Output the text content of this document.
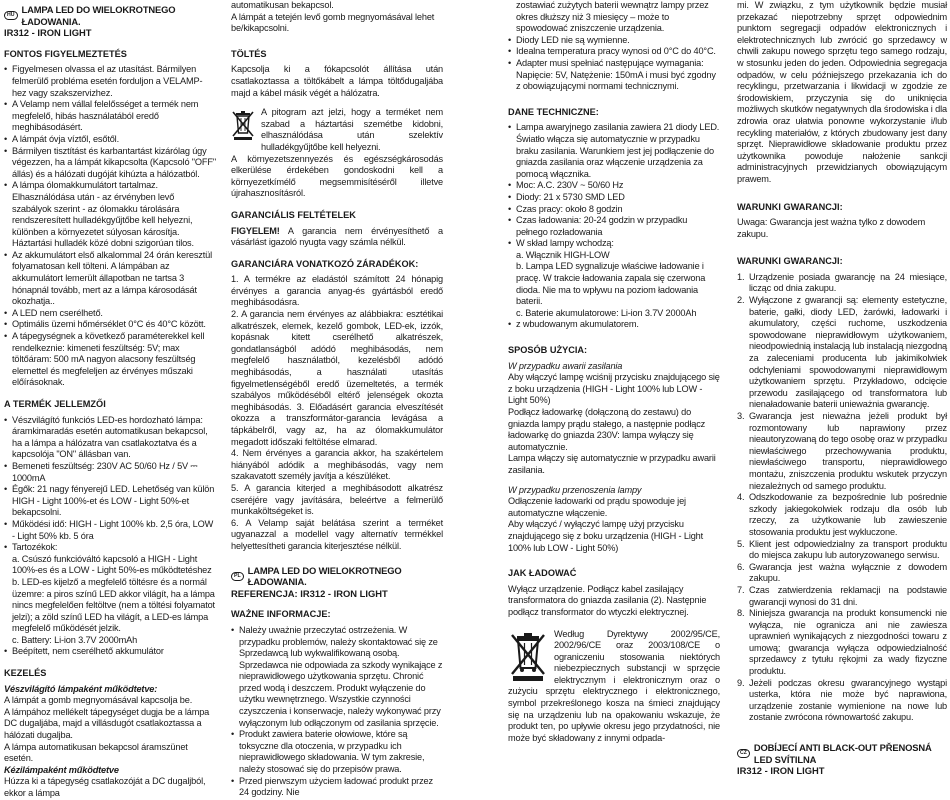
HU
LAMPA LED DO WIELOKROTNEGO ŁADOWANIA.

IR312 - IRON LIGHT

FONTOS FIGYELMEZTETÉS

• Figyelmesen olvassa el az utasítást. Bármilyen felmerülő probléma esetén forduljon a VELAMP-hez vagy szakszervizhez.
• A Velamp nem vállal felelősséget a termék nem megfelelő, hibás használatából eredő meghibásodásért.
• A lámpát óvja víztől, esőtől.
• Bármilyen tisztítást és karbantartást kizárólag úgy végezzen, ha a lámpát kikapcsolta (Kapcsoló "OFF" állás) és a hálózati dugóját kihúzta a hálózatból.
• A lámpa ólomakkumulátort tartalmaz. Elhasználódása után - az érvényben levő szabályok szerint - az ólomakku tárolására rendszeresített hulladékgyűjtőbe kell helyezni, különben a környezetet súlyosan károsítja. Háztartási hulladék közé dobni szigorúan tilos.
• Az akkumulátort első alkalommal 24 órán keresztül folyamatosan kell tölteni. A lámpában az akkumulátort lemerült állapotban ne tartsa 3 hónapnál tovább, mert az a lámpa károsodását okozhatja..
• A LED nem cserélhető.
• Optimális üzemi hőmérséklet 0°C és 40°C között.
• A tápegységnek a következő paraméterekkel kell rendelkeznie: kimeneti feszültség: 5V; max töltőáram: 500 mA nagyon alacsony feszültség elemettel és megfeleljen az érvényes műszaki előírásoknak.

A TERMÉK JELLEMZŐI

• Vészvilágító funkciós LED-es hordozható lámpa: áramkimaradás esetén automatikusan bekapcsol, ha a lámpa a hálózatra van csatlakoztatva és a kapcsolója "ON" állásban van.
• Bemeneti feszültség: 230V AC 50/60 Hz / 5V ⎓ 1000mA
• Égők: 21 nagy fényerejű LED. Lehetőség van külön HIGH - Light 100%-et és LOW - Light 50%-et bekapcsolni.
• Működési idő: HIGH - Light 100% kb. 2,5 óra, LOW - Light 50% kb. 5 óra
• Tartozékok:

a. Csúszó funkcióváltó kapcsoló a HIGH - Light 100%-es és a LOW - Light 50%-es működtetéshez

b. LED-es kijelző a megfelelő töltésre és a normál üzemre: a piros színű LED akkor világít, ha a lámpa nincs megfelelően feltöltve (nem a töltési folyamatot jelzi); a zöld színű LED ha világít, a LED-es lámpa megfelelő működését jelzik.

c. Battery: Li-ion 3.7V 2000mAh

• Beépített, nem cserélhető akkumulátor

KEZELÉS

Vészvilágító lámpaként működtetve:

A lámpát a gomb megnyomásával kapcsolja be.

A lámpához mellékelt tápegységet dugja be a lámpa DC dugaljába, majd a villásdugót csatlakoztassa a hálózati dugaljba.

A lámpa automatikusan bekapcsol áramszünet esetén.

Kézilámpaként működtetve

Húzza ki a tápegység csatlakozóját a DC dugaljból, ekkor a lámpa

automatikusan bekapcsol.

A lámpát a tetején levő gomb megnyomásával lehet be/kikapcsolni.

TÖLTÉS

Kapcsolja ki a fókapcsolót állítása után csatlakoztassa a töltőkábelt a lámpa töltődugaljába majd a kábel másik végét a hálózatra.

A pitogram azt jelzi, hogy a terméket nem szabad a háztartási szemétbe kidobni, elhasználódása után szelektív hulladékgyűjtőbe kell helyezni.

A környezetszennyezés és egészségkárosodás elkerülése érdekében gondoskodni kell a környezetkímélő megsemmisítéséről illetve újrahasznosításról.

GARANCIÁLIS FELTÉTELEK

FIGYELEM! A garancia nem érvényesíthető a vásárlást igazoló nyugta vagy számla nélkül.

GARANCIÁRA VONATKOZÓ ZÁRADÉKOK:

1. A termékre az eladástól számított 24 hónapig érvényes a garancia anyag-és gyártásból eredő meghibásodásra.

2. A garancia nem érvényes az alábbiakra: esztétikai alkatrészek, elemek, kezelő gombok, LED-ek, izzók, kopásnak kitett cserélhető alkatrészek, gondatlanságból adódó meghibásodás, nem megfelelő használatból, kezelésből adódó meghibásodás, a használati utasítás figyelmetlenségéből eredő üzemeltetés, a termék szabályos működéséből eltérő jelenségek okozta meghibásodás. 3. Előadásért garancia elveszítését okozza a transzformátor-garancia levágása a tápkábelről, vagy az, ha az ólomakkumulátor megadott időszaki feltöltése elmarad.

4. Nem érvényes a garancia akkor, ha szakértelem hiányából adódik a meghibásodás, vagy nem szakavatott személy javítja a készüléket.

5. A garancia kiterjed a meghibásodott alkatrész cseréjére vagy javítására, beleértve a felmerülő munkaköltségeket is.

6. A Velamp saját belátása szerint a terméket ugyanazzal a modellel vagy alternatív termékkel helyettesítheti garancia kiterjesztése nélkül.

PL
LAMPA LED DO WIELOKROTNEGO ŁADOWANIA.

REFERENCJA: IR312 - IRON LIGHT

WAŻNE INFORMACJE:

• Należy uważnie przeczytać ostrzeżenia. W przypadku problemów, należy skontaktować się ze Sprzedawcą lub wykwalifikowaną osobą. Sprzedawca nie odpowiada za szkody wynikające z nieprawidłowego użytkowania sprzętu. Chronić przed wodą i deszczem. Produkt wyłączenie do użytku wewnętrznego. Wszystkie czynności czyszczenia i konserwacje, należy wykonywać przy wyłączonym lub odłączonym od zasilania sprzęcie.
• Produkt zawiera baterie ołowiowe, które są toksyczne dla otoczenia, w przypadku ich nieprawidłowego składowania. W tym zakresie, należy stosować się do przepisów prawa.
• Przed pierwszym użyciem ładować produkt przez 24 godziny. Nie

zostawiać zużytych baterii wewnątrz lampy przez okres dłuższy niż 3 miesięcy – może to spowodować zniszczenie urządzenia.

• Diody LED nie są wymienne.
• Idealna temperatura pracy wynosi od 0°C do 40°C.
• Adapter musi spełniać następujące wymagania: Napięcie: 5V, Natężenie: 150mA i musi być zgodny z obowiązującymi normami technicznymi.

DANE TECHNICZNE:

• Lampa awaryjnego zasilania zawiera 21 diody LED. Światło włącza się automatycznie w przypadku braku zasilania. Warunkiem jest jej podłączenie do gniazda zasilania oraz włączenie urządzenia za pomocą włącznika.
• Moc: A.C. 230V ~ 50/60 Hz
• Diody: 21 x 5730 SMD LED
• Czas pracy: około 8 godzin
• Czas ładowania: 20-24 godzin w przypadku pełnego rozładowania
• W skład lampy wchodzą:

a. Włącznik HIGH-LOW

b. Lampa LED sygnalizuje właściwe ładowanie i pracę. W trakcie ładowania zapala się czerwona dioda. Nie ma to wpływu na poziom ładowania baterii.

c. Baterie akumulatorowe: Li-ion 3.7V 2000Ah

• z wbudowanym akumulatorem.

SPOSÓB UŻYCIA:

W przypadku awarii zasilania

Aby włączyć lampę wciśnij przycisku znajdującego się z boku urządzenia (HIGH - Light 100% lub LOW - Light 50%)

Podłącz ładowarkę (dołączoną do zestawu) do gniazda lampy prądu stałego, a następnie podłącz ładowarkę do gniazda 230V: lampa wyłączy się automatycznie.

Lampa włączy się automatycznie w przypadku awarii zasilania.

W przypadku przenoszenia lampy

Odłączenie ładowarki od prądu spowoduje jej automatyczne włączenie.

Aby włączyć / wyłączyć lampę użyj przycisku znajdującego się z boku urządzenia (HIGH - Light 100% lub LOW - Light 50%)

JAK ŁADOWAĆ

Wyłącz urządzenie. Podłącz kabel zasilający transformatora do gniazda zasilania (2). Następnie podłącz transformator do wtyczki elektrycznej.

Według Dyrektywy 2002/95/CE, 2002/96/CE oraz 2003/108/CE o ograniczeniu stosowania niektórych niebezpiecznych substancji w sprzęcie elektrycznym i elektronicznym oraz o zużyciu sprzętu elektrycznego i elektronicznego, symbol przekreślonego kosza na śmieci znajdujący się na urządzeniu lub na opakowaniu wskazuje, że produkt ten, po upływie okresu jego przydatności, nie może być składowany z innymi odpada-

mi. W związku, z tym użytkownik będzie musiał przekazać niepotrzebny sprzęt odpowiednim punktom segregacji odpadów elektronicznych i elektrotechnicznych lub zwrócić go sprzedawcy w chwili zakupu nowego sprzętu tego samego rodzaju, w stosunku jeden do jeden. Odpowiednia segregacja odpadów, w celu późniejszego przekazania ich do recyklingu, przetwarzania i likwidacji w zgodzie ze środowiskiem, przyczynia się do uniknięcia możliwych skutków negatywnych dla środowiska i dla zdrowia oraz ułatwia ponowne wykorzystanie i/lub recykling materiałów, z których zbudowany jest dany sprzęt. Nieprawidłowe składowanie produktu przez użytkownika powoduje nałożenie sankcji administracyjnych przewidzianych obowiązującym prawem.

WARUNKI GWARANCJI:

Uwaga: Gwarancja jest ważna tylko z dowodem zakupu.

WARUNKI GWARANCJI:

1. Urządzenie posiada gwarancję na 24 miesiące, licząc od dnia zakupu.
2. Wyłączone z gwarancji są: elementy estetyczne, baterie, gałki, diody LED, żarówki, ładowarki i akumulatory, części ruchome, uszkodzenia spowodowane nieprawidłowym użytkowaniem, nieodpowiednią instalacją lub instalacją niezgodną za zaleceniami producenta lub jakimikolwiek odchyleniami spowodowanymi nieprawidłowym użytkowaniem sprzętu. Przykładowo, odcięcie przewodu zasilającego od transformatora lub nienaładowanie baterii unieważnia gwarancję.
3. Gwarancja jest nieważna jeżeli produkt był rozmontowany lub naprawiony przez nieautoryzowaną do tego osobę oraz w przypadku niewłaściwego przechowywania produktu, niewłaściwego transportu, nieprawidłowego montażu, zniszczenia produktu wskutek przyczyn niezależnych od samego produktu.
4. Odszkodowanie za bezpośrednie lub pośrednie szkody jakiegokolwiek rodzaju dla osób lub rzeczy, za użytkowanie lub zawieszenie stosowania produktu jest wykluczone.
5. Klient jest odpowiedzialny za transport produktu do miejsca zakupu lub autoryzowanego serwisu.
6. Gwarancja jest ważna wyłącznie z dowodem zakupu.
7. Czas zatwierdzenia reklamacji na podstawie gwarancji wynosi do 31 dni.
8. Niniejsza gwarancja na produkt konsumencki nie wyłącza, nie ogranicza ani nie zawiesza uprawnień wynikających z niezgodności towaru z umową; gwarancja wyłącza odpowiedzialność sprzedawcy z tytułu rękojmi za wady fizyczne produktu.
9. Jeżeli podczas okresu gwarancyjnego wystąpi usterka, która nie może być naprawiona, urządzenie zostanie wymienione na nowe lub zostanie zwrócona równowartość zakupu.
CZ
DOBÍJECÍ ANTI BLACK-OUT PŘENOSNÁ LED SVÍTILNA

IR312 - IRON LIGHT
